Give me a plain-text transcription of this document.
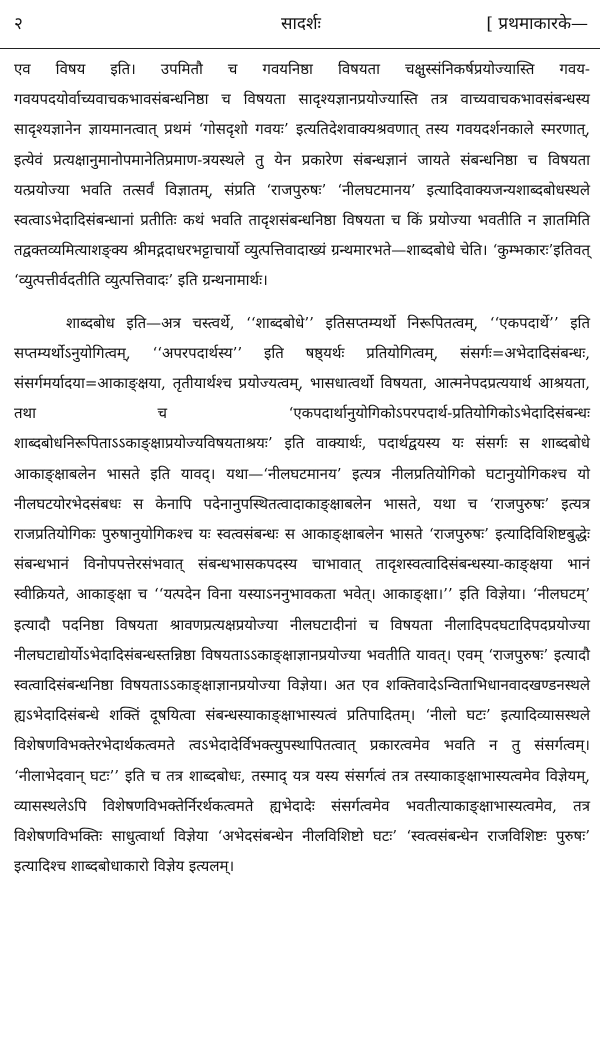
२	सादर्शः	[ प्रथमाकारके—

एव विषय इति। उपमितौ च गवयनिष्ठा विषयता चक्षुस्संनिकर्षप्रयोज्यास्ति गवय-गवयपदयोर्वाच्यवाचकभावसंबन्धनिष्ठा च विषयता सादृश्यज्ञानप्रयोज्यास्ति तत्र वाच्यवाचकभावसंबन्धस्य सादृश्यज्ञानेन ज्ञायमानत्वात् प्रथमं ‘गोसदृशो गवयः’ इत्यतिदेशवाक्यश्रवणात् तस्य गवयदर्शनकाले स्मरणात्, इत्येवं प्रत्यक्षानुमानोपमानेतिप्रमाण-त्रयस्थले तु येन प्रकारेण संबन्धज्ञानं जायते संबन्धनिष्ठा च विषयता यत्प्रयोज्या भवति तत्सर्वं विज्ञातम्, संप्रति ‘राजपुरुषः’ ‘नीलघटमानय’ इत्यादिवाक्यजन्यशाब्दबोधस्थले स्वत्वाऽभेदादिसंबन्धानां प्रतीतिः कथं भवति तादृशसंबन्धनिष्ठा विषयता च किं प्रयोज्या भवतीति न ज्ञातमिति तद्वक्तव्यमित्याशङ्क्य श्रीमद्गदाधरभट्टाचार्यो व्युत्पत्तिवादाख्यं ग्रन्थमारभते—शाब्दबोधे चेति। ‘कुम्भकारः’इतिवत् ‘व्युत्पत्तीर्वदतीति व्युत्पत्तिवादः’ इति ग्रन्थनामार्थः।

शाब्दबोध इति—अत्र चस्त्वर्थे, ‘‘शाब्दबोधे’’ इतिसप्तम्यर्थो निरूपितत्वम्, ‘‘एकपदार्थे’’ इति सप्तम्यर्थोऽनुयोगित्वम्, ‘‘अपरपदार्थस्य’’ इति षष्ठ्यर्थः प्रतियोगित्वम्, संसर्गः=अभेदादिसंबन्धः, संसर्गमर्यादया=आकाङ्क्षया, तृतीयार्थश्च प्रयोज्यत्वम्, भासधात्वर्थो विषयता, आत्मनेपदप्रत्ययार्थ आश्रयता, तथा च ‘एकपदार्थानुयोगिकोऽपरपदार्थ-प्रतियोगिकोऽभेदादिसंबन्धः शाब्दबोधनिरूपिताऽऽकाङ्क्षाप्रयोज्यविषयताश्रयः’ इति वाक्यार्थः, पदार्थद्वयस्य यः संसर्गः स शाब्दबोधे आकाङ्क्षाबलेन भासते इति यावद्। यथा—‘नीलघटमानय’ इत्यत्र नीलप्रतियोगिको घटानुयोगिकश्च यो नीलघटयोरभेदसंबधः स केनापि पदेनानुपस्थितत्वादाकाङ्क्षाबलेन भासते, यथा च ‘राजपुरुषः’ इत्यत्र राजप्रतियोगिकः पुरुषानुयोगिकश्च यः स्वत्वसंबन्धः स आकाङ्क्षाबलेन भासते ‘राजपुरुषः’ इत्यादिविशिष्टबुद्धेः संबन्धभानं विनोपपत्तेरसंभवात् संबन्धभासकपदस्य चाभावात् तादृशस्वत्वादिसंबन्धस्या-काङ्क्षया भानं स्वीक्रियते, आकाङ्क्षा च ‘‘यत्पदेन विना यस्याऽननुभावकता भवेत्। आकाङ्क्षा।’’ इति विज्ञेया। ‘नीलघटम्’ इत्यादौ पदनिष्ठा विषयता श्रावणप्रत्यक्षप्रयोज्या नीलघटादीनां च विषयता नीलादिपदघटादिपदप्रयोज्या नीलघटाद्योर्योऽभेदादिसंबन्धस्तन्निष्ठा विषयताऽऽकाङ्क्षाज्ञानप्रयोज्या भवतीति यावत्। एवम् ‘राजपुरुषः’ इत्यादौ स्वत्वादिसंबन्धनिष्ठा विषयताऽऽकाङ्क्षाज्ञानप्रयोज्या विज्ञेया। अत एव शक्तिवादेऽन्विताभिधानवादखण्डनस्थले ह्यऽभेदादिसंबन्धे शक्तिं दूषयित्वा संबन्धस्याकाङ्क्षाभास्यत्वं प्रतिपादितम्। ‘नीलो घटः’ इत्यादिव्यासस्थले विशेषणविभक्तेरभेदार्थकत्वमते त्वऽभेदादेर्विभक्त्युपस्थापितत्वात् प्रकारत्वमेव भवति न तु संसर्गत्वम्। ‘नीलाभेदवान् घटः’’ इति च तत्र शाब्दबोधः, तस्माद् यत्र यस्य संसर्गत्वं तत्र तस्याकाङ्क्षाभास्यत्वमेव विज्ञेयम्, व्यासस्थलेऽपि विशेषणविभक्तेर्निरर्थकत्वमते ह्यभेदादेः संसर्गत्वमेव भवतीत्याकाङ्क्षाभास्यत्वमेव, तत्र विशेषणविभक्तिः साधुत्वार्था विज्ञेया ‘अभेदसंबन्धेन नीलविशिष्टो घटः’ ‘स्वत्वसंबन्धेन राजविशिष्टः पुरुषः’ इत्यादिश्च शाब्दबोधाकारो विज्ञेय इत्यलम्।
